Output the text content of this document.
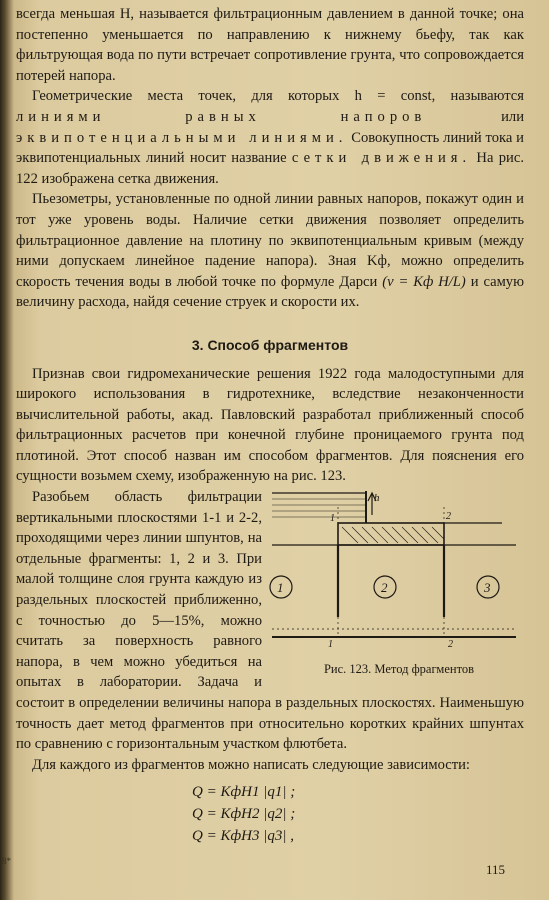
всегда меньшая H, называется фильтрационным давлением в данной точке; она постепенно уменьшается по направлению к нижнему бьефу, так как фильтрующая вода по пути встречает сопротивление грунта, что сопровождается потерей напора.

Геометрические места точек, для которых h = const, называются линиями равных напоров или эквипотенциальными линиями. Совокупность линий тока и эквипотенциальных линий носит название сетки движения. На рис. 122 изображена сетка движения.

Пьезометры, установленные по одной линии равных напоров, покажут один и тот уже уровень воды. Наличие сетки движения позволяет определить фильтрационное давление на плотину по эквипотенциальным кривым (между ними допускаем линейное падение напора). Зная Kф, можно определить скорость течения воды в любой точке по формуле Дарси (v = Kф H/L) и самую величину расхода, найдя сечение струек и скорости их.

3. Способ фрагментов

Признав свои гидромеханические решения 1922 года малодоступными для широкого использования в гидротехнике, вследствие незаконченности вычислительной работы, акад. Павловский разработал приближенный способ фильтрационных расчетов при конечной глубине проницаемого грунта под плотиной. Этот способ назван им способом фрагментов. Для пояснения его сущности возьмем схему, изображенную на рис. 123.

1	2	3
h
1	2
1	2
Рис. 123. Метод фрагментов

Разобьем область фильтрации вертикальными плоскостями 1-1 и 2-2, проходящими через линии шпунтов, на отдельные фрагменты: 1, 2 и 3. При малой толщине слоя грунта каждую из раздельных плоскостей приближенно, с точностью до 5—15%, можно считать за поверхность равного напора, в чем можно убедиться на опытах в лаборатории. Задача и состоит в определении величины напора в раздельных плоскостях. Наименьшую точность дает метод фрагментов при относительно коротких крайних шпунтах по сравнению с горизонтальным участком флютбета.

Для каждого из фрагментов можно написать следующие зависимости:

Q = KфH1 |q1| ;
Q = KфH2 |q2| ;
Q = KфH3 |q3| ,
8*
115
